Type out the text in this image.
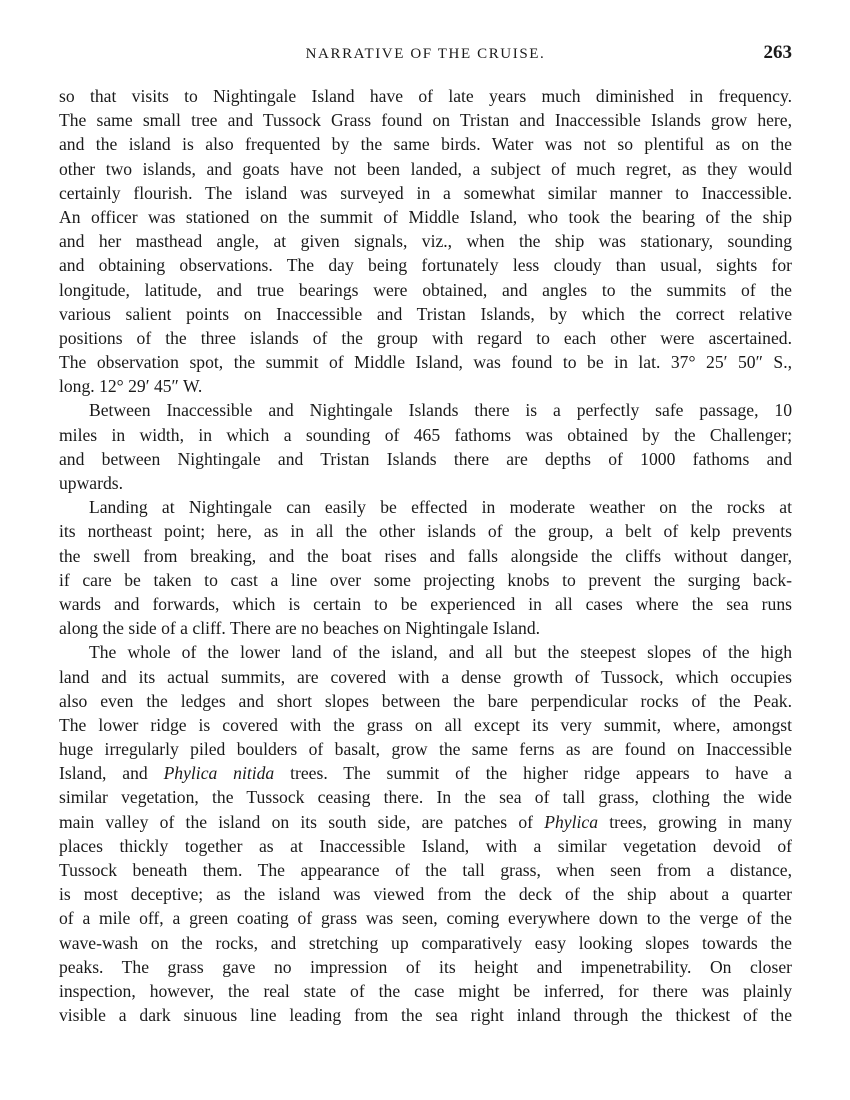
NARRATIVE OF THE CRUISE.	263
so that visits to Nightingale Island have of late years much diminished in frequency.
The same small tree and Tussock Grass found on Tristan and Inaccessible Islands grow here,
and the island is also frequented by the same birds. Water was not so plentiful as on the
other two islands, and goats have not been landed, a subject of much regret, as they would
certainly flourish. The island was surveyed in a somewhat similar manner to Inaccessible.
An officer was stationed on the summit of Middle Island, who took the bearing of the ship
and her masthead angle, at given signals, viz., when the ship was stationary, sounding
and obtaining observations. The day being fortunately less cloudy than usual, sights for
longitude, latitude, and true bearings were obtained, and angles to the summits of the
various salient points on Inaccessible and Tristan Islands, by which the correct relative
positions of the three islands of the group with regard to each other were ascertained.
The observation spot, the summit of Middle Island, was found to be in lat. 37° 25′ 50″ S.,
long. 12° 29′ 45″ W.
Between Inaccessible and Nightingale Islands there is a perfectly safe passage, 10
miles in width, in which a sounding of 465 fathoms was obtained by the Challenger;
and between Nightingale and Tristan Islands there are depths of 1000 fathoms and
upwards.
Landing at Nightingale can easily be effected in moderate weather on the rocks at
its northeast point; here, as in all the other islands of the group, a belt of kelp prevents
the swell from breaking, and the boat rises and falls alongside the cliffs without danger,
if care be taken to cast a line over some projecting knobs to prevent the surging back-
wards and forwards, which is certain to be experienced in all cases where the sea runs
along the side of a cliff. There are no beaches on Nightingale Island.
The whole of the lower land of the island, and all but the steepest slopes of the high
land and its actual summits, are covered with a dense growth of Tussock, which occupies
also even the ledges and short slopes between the bare perpendicular rocks of the Peak.
The lower ridge is covered with the grass on all except its very summit, where, amongst
huge irregularly piled boulders of basalt, grow the same ferns as are found on Inaccessible
Island, and Phylica nitida trees. The summit of the higher ridge appears to have a
similar vegetation, the Tussock ceasing there. In the sea of tall grass, clothing the wide
main valley of the island on its south side, are patches of Phylica trees, growing in many
places thickly together as at Inaccessible Island, with a similar vegetation devoid of
Tussock beneath them. The appearance of the tall grass, when seen from a distance,
is most deceptive; as the island was viewed from the deck of the ship about a quarter
of a mile off, a green coating of grass was seen, coming everywhere down to the verge of the
wave-wash on the rocks, and stretching up comparatively easy looking slopes towards the
peaks. The grass gave no impression of its height and impenetrability. On closer
inspection, however, the real state of the case might be inferred, for there was plainly
visible a dark sinuous line leading from the sea right inland through the thickest of the
